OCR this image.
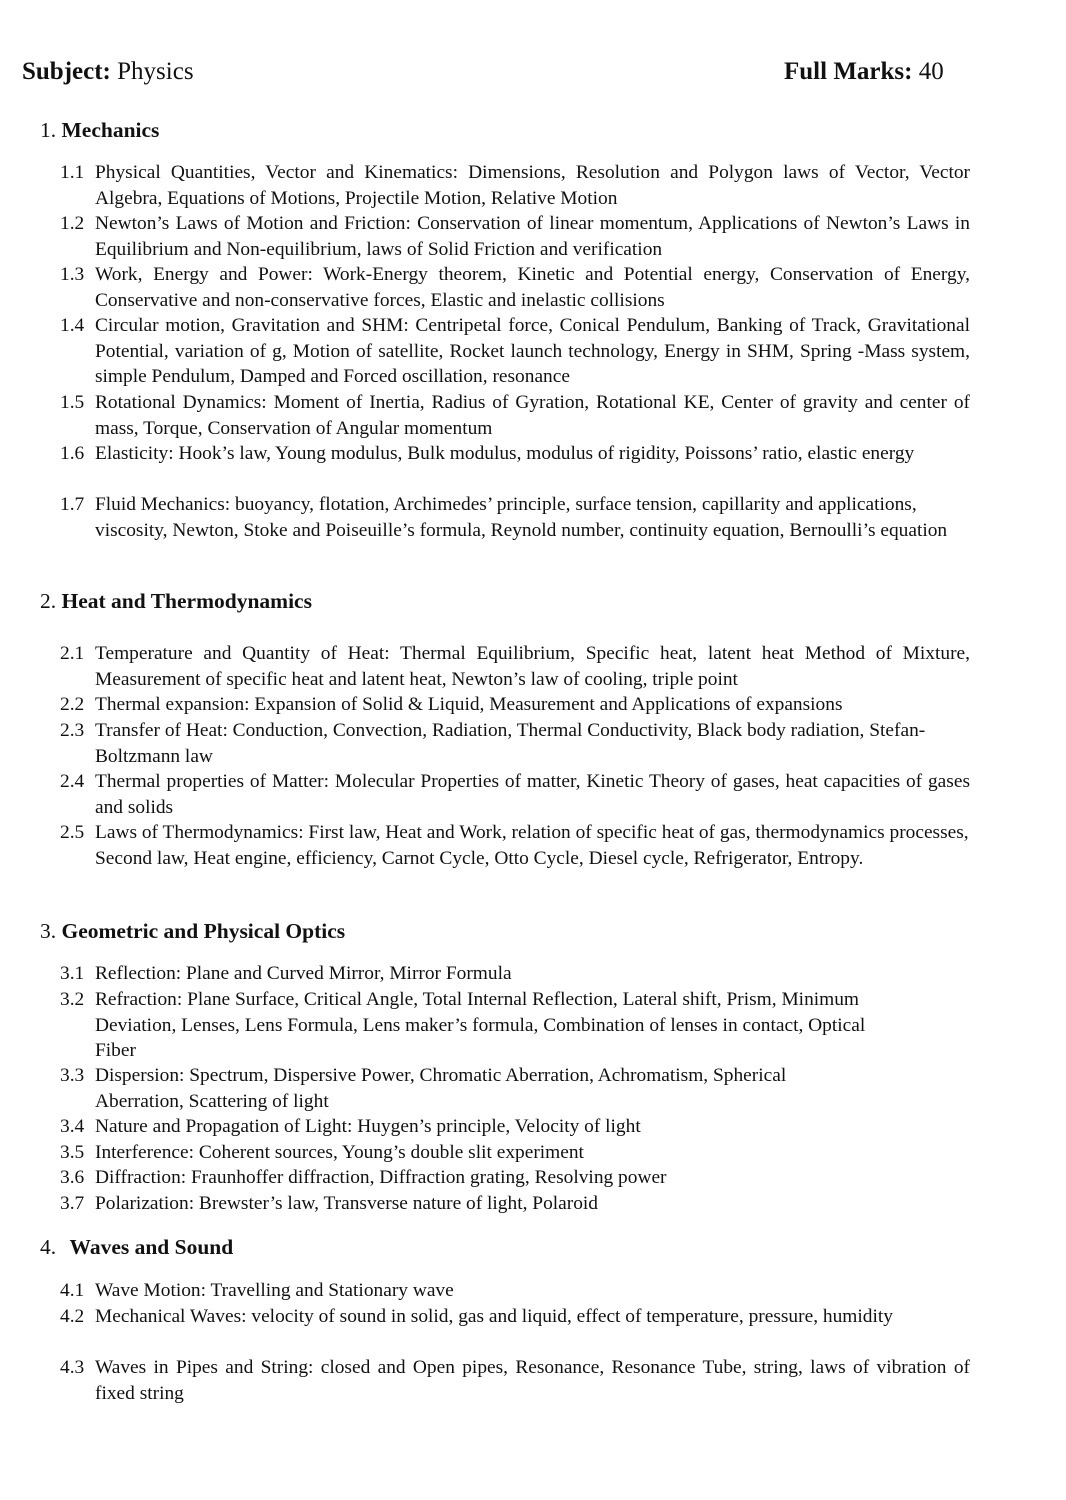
Subject: Physics	Full Marks: 40
1. Mechanics
1.1 Physical Quantities, Vector and Kinematics: Dimensions, Resolution and Polygon laws of Vector, Vector Algebra, Equations of Motions, Projectile Motion, Relative Motion
1.2 Newton’s Laws of Motion and Friction: Conservation of linear momentum, Applications of Newton’s Laws in Equilibrium and Non-equilibrium, laws of Solid Friction and verification
1.3 Work, Energy and Power: Work-Energy theorem, Kinetic and Potential energy, Conservation of Energy, Conservative and non-conservative forces, Elastic and inelastic collisions
1.4 Circular motion, Gravitation and SHM: Centripetal force, Conical Pendulum, Banking of Track, Gravitational Potential, variation of g, Motion of satellite, Rocket launch technology, Energy in SHM, Spring -Mass system, simple Pendulum, Damped and Forced oscillation, resonance
1.5 Rotational Dynamics: Moment of Inertia, Radius of Gyration, Rotational KE, Center of gravity and center of mass, Torque, Conservation of Angular momentum
1.6 Elasticity: Hook’s law, Young modulus, Bulk modulus, modulus of rigidity, Poissons’ ratio, elastic energy
1.7 Fluid Mechanics: buoyancy, flotation, Archimedes’ principle, surface tension, capillarity and applications, viscosity, Newton, Stoke and Poiseuille’s formula, Reynold number, continuity equation, Bernoulli’s equation
2. Heat and Thermodynamics
2.1 Temperature and Quantity of Heat: Thermal Equilibrium, Specific heat, latent heat Method of Mixture, Measurement of specific heat and latent heat, Newton’s law of cooling, triple point
2.2 Thermal expansion: Expansion of Solid & Liquid, Measurement and Applications of expansions
2.3 Transfer of Heat: Conduction, Convection, Radiation, Thermal Conductivity, Black body radiation, Stefan- Boltzmann law
2.4 Thermal properties of Matter: Molecular Properties of matter, Kinetic Theory of gases, heat capacities of gases and solids
2.5 Laws of Thermodynamics: First law, Heat and Work, relation of specific heat of gas, thermodynamics processes, Second law, Heat engine, efficiency, Carnot Cycle, Otto Cycle, Diesel cycle, Refrigerator, Entropy.
3. Geometric and Physical Optics
3.1 Reflection: Plane and Curved Mirror, Mirror Formula
3.2 Refraction: Plane Surface, Critical Angle, Total Internal Reflection, Lateral shift, Prism, Minimum Deviation, Lenses, Lens Formula, Lens maker’s formula, Combination of lenses in contact, Optical Fiber
3.3 Dispersion: Spectrum, Dispersive Power, Chromatic Aberration, Achromatism, Spherical Aberration, Scattering of light
3.4 Nature and Propagation of Light: Huygen’s principle, Velocity of light
3.5 Interference: Coherent sources, Young’s double slit experiment
3.6 Diffraction: Fraunhoffer diffraction, Diffraction grating, Resolving power
3.7 Polarization: Brewster’s law, Transverse nature of light, Polaroid
4. Waves and Sound
4.1 Wave Motion: Travelling and Stationary wave
4.2 Mechanical Waves: velocity of sound in solid, gas and liquid, effect of temperature, pressure, humidity
4.3 Waves in Pipes and String: closed and Open pipes, Resonance, Resonance Tube, string, laws of vibration of fixed string
